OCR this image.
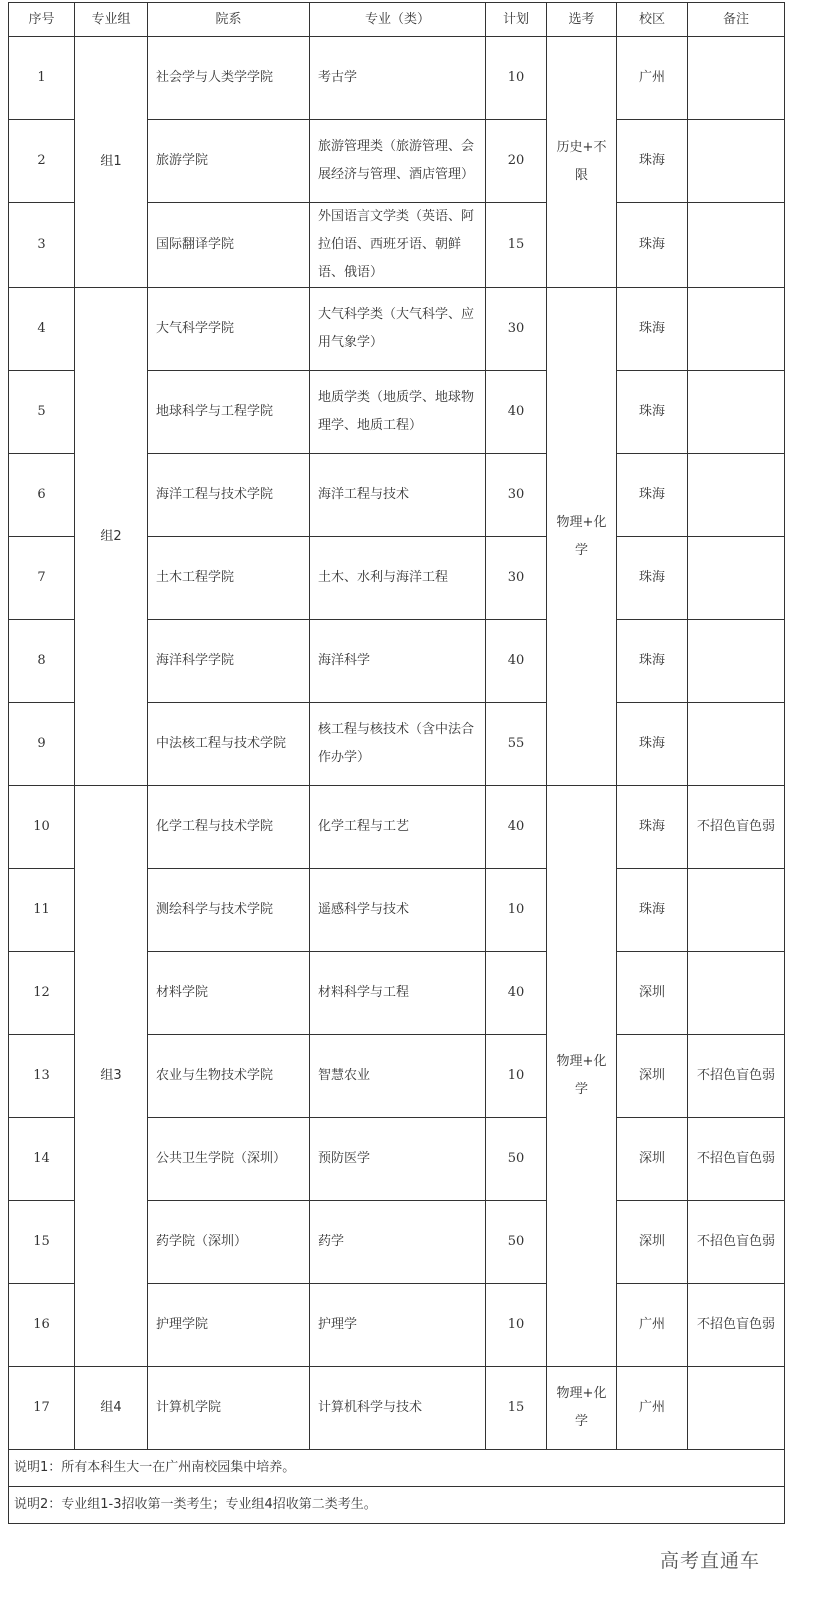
序号	专业组	院系	专业（类）	计划	选考	校区	备注
1	组1	社会学与人类学学院	考古学	10	历史+不限	广州	
2		旅游学院	旅游管理类（旅游管理、会展经济与管理、酒店管理）	20		珠海	
3		国际翻译学院	外国语言文学类（英语、阿拉伯语、西班牙语、朝鲜语、俄语）	15		珠海	
4	组2	大气科学学院	大气科学类（大气科学、应用气象学）	30	物理+化学	珠海	
5		地球科学与工程学院	地质学类（地质学、地球物理学、地质工程）	40		珠海	
6		海洋工程与技术学院	海洋工程与技术	30		珠海	
7		土木工程学院	土木、水利与海洋工程	30		珠海	
8		海洋科学学院	海洋科学	40		珠海	
9		中法核工程与技术学院	核工程与核技术（含中法合作办学）	55		珠海	
10	组3	化学工程与技术学院	化学工程与工艺	40	物理+化学	珠海	不招色盲色弱
11		测绘科学与技术学院	遥感科学与技术	10		珠海	
12		材料学院	材料科学与工程	40		深圳	
13		农业与生物技术学院	智慧农业	10		深圳	不招色盲色弱
14		公共卫生学院（深圳）	预防医学	50		深圳	不招色盲色弱
15		药学院（深圳）	药学	50		深圳	不招色盲色弱
16		护理学院	护理学	10		广州	不招色盲色弱
17	组4	计算机学院	计算机科学与技术	15	物理+化学	广州	
说明1：所有本科生大一在广州南校园集中培养。							
说明2：专业组1-3招收第一类考生；专业组4招收第二类考生。							
高考直通车
